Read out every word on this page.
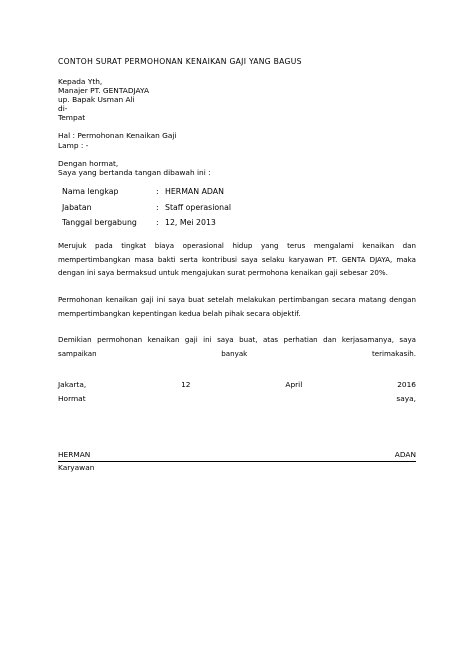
CONTOH SURAT PERMOHONAN KENAIKAN GAJI YANG BAGUS
Kepada Yth,
Manajer PT. GENTADJAYA
up. Bapak Usman Ali
di-
Tempat
Hal : Permohonan Kenaikan Gaji
Lamp : -
Dengan hormat,
Saya yang bertanda tangan dibawah ini :
Nama lengkap	: HERMAN ADAN
Jabatan	: Staff operasional
Tanggal bergabung : 12, Mei 2013
Merujuk pada tingkat biaya operasional hidup yang terus mengalami kenaikan dan mempertimbangkan masa bakti serta kontribusi saya selaku karyawan PT. GENTA DJAYA, maka dengan ini saya bermaksud untuk mengajukan surat permohona kenaikan gaji sebesar 20%.
Permohonan kenaikan gaji ini saya buat setelah melakukan pertimbangan secara matang dengan mempertimbangkan kepentingan kedua belah pihak secara objektif.
Demikian permohonan kenaikan gaji ini saya buat, atas perhatian dan kerjasamanya, saya sampaikan banyak terimakasih.
Jakarta,	12	April	2016
Hormat	saya,
HERMAN	ADAN
Karyawan
